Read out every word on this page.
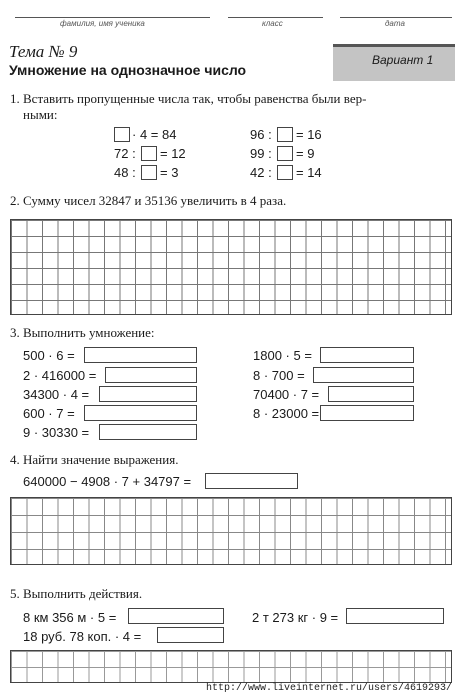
фамилия, имя ученика	класс	дата
Тема № 9
Умножение на однозначное число
Вариант 1
1. Вставить пропущенные числа так, чтобы равенства были вер-
ными:
· 4 = 84
72 : = 12
48 : = 3
96 : = 16
99 : = 9
42 : = 14
2. Сумму чисел 32847 и 35136 увеличить в 4 раза.
3. Выполнить умножение:
500 · 6 =
2 · 416000 =
34300 · 4 =
600 · 7 =
9 · 30330 =
1800 · 5 =
8 · 700 =
70400 · 7 =
8 · 23000 =
4. Найти значение выражения.
640000 − 4908 · 7 + 34797 =
5. Выполнить действия.
8 км 356 м · 5 =	2 т 273 кг · 9 =
18 руб. 78 коп. · 4 =
http://www.liveinternet.ru/users/4619293/
